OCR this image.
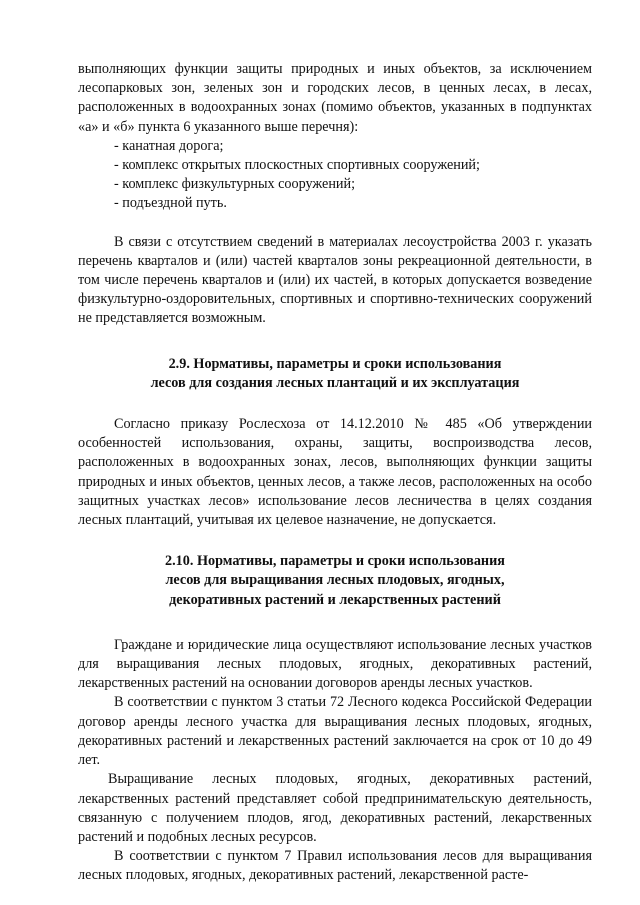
выполняющих функции защиты природных и иных объектов, за исключением лесопарковых зон, зеленых зон и городских лесов, в ценных лесах, в лесах, расположенных в водоохранных зонах (помимо объектов, указанных в подпунктах «а» и «б» пункта 6 указанного выше перечня):

- канатная дорога;
- комплекс открытых плоскостных спортивных сооружений;
- комплекс физкультурных сооружений;
- подъездной путь.

В связи с отсутствием сведений в материалах лесоустройства 2003 г. указать перечень кварталов и (или) частей кварталов зоны рекреационной деятельности, в том числе перечень кварталов и (или) их частей, в которых допускается возведение физкультурно-оздоровительных, спортивных и спортивно-технических сооружений не представляется возможным.

2.9. Нормативы, параметры и сроки использования
лесов для создания лесных плантаций и их эксплуатация

Согласно приказу Рослесхоза от 14.12.2010 № 485 «Об утверждении особенностей использования, охраны, защиты, воспроизводства лесов, расположенных в водоохранных зонах, лесов, выполняющих функции защиты природных и иных объектов, ценных лесов, а также лесов, расположенных на особо защитных участках лесов» использование лесов лесничества в целях создания лесных плантаций, учитывая их целевое назначение, не допускается.

2.10. Нормативы, параметры и сроки использования
лесов для выращивания лесных плодовых, ягодных,
декоративных растений и лекарственных растений

Граждане и юридические лица осуществляют использование лесных участков для выращивания лесных плодовых, ягодных, декоративных растений, лекарственных растений на основании договоров аренды лесных участков.

В соответствии с пунктом 3 статьи 72 Лесного кодекса Российской Федерации договор аренды лесного участка для выращивания лесных плодовых, ягодных, декоративных растений и лекарственных растений заключается на срок от 10 до 49 лет.

Выращивание лесных плодовых, ягодных, декоративных растений, лекарственных растений представляет собой предпринимательскую деятельность, связанную с получением плодов, ягод, декоративных растений, лекарственных растений и подобных лесных ресурсов.

В соответствии с пунктом 7 Правил использования лесов для выращивания лесных плодовых, ягодных, декоративных растений, лекарственной расте-
